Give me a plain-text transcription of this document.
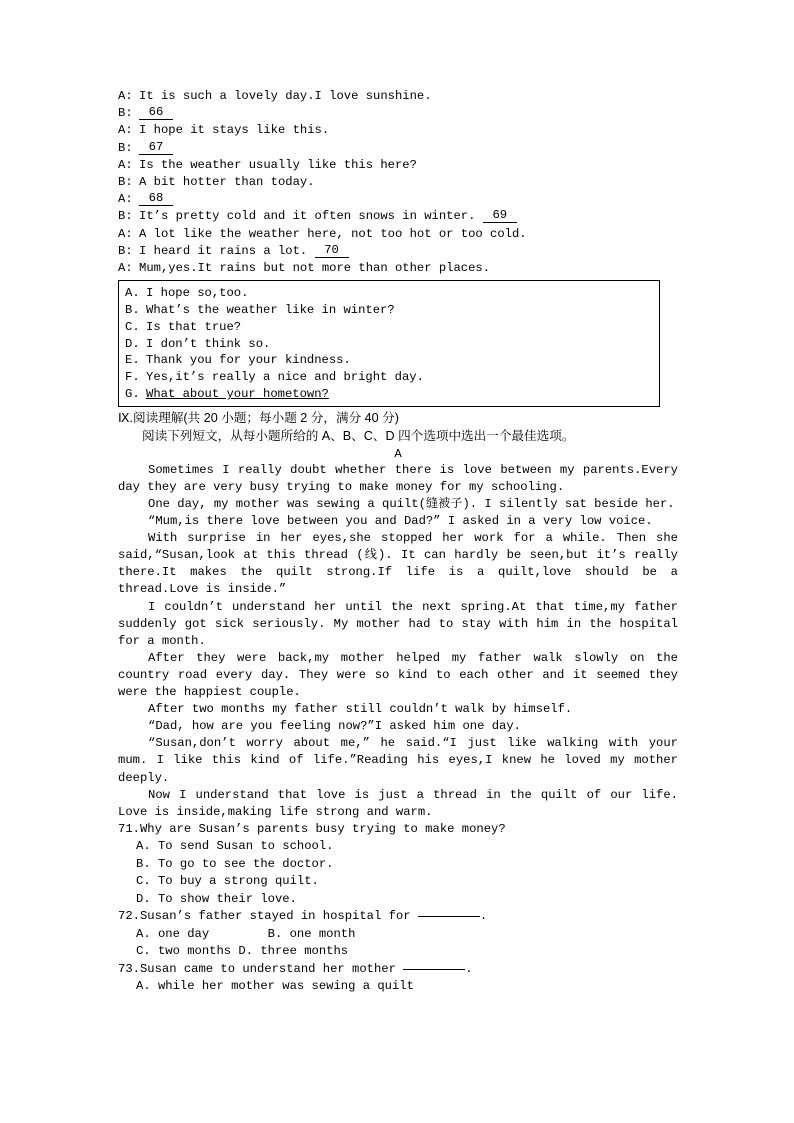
A: It is such a lovely day.I love sunshine.
B: 66
A: I hope it stays like this.
B: 67
A: Is the weather usually like this here?
B: A bit hotter than today.
A: 68
B: It’s pretty cold and it often snows in winter. 69
A: A lot like the weather here, not too hot or too cold.
B: I heard it rains a lot. 70
A: Mum,yes.It rains but not more than other places.
A. I hope so,too.
B. What’s the weather like in winter?
C. Is that true?
D. I don’t think so.
E. Thank you for your kindness.
F. Yes,it’s really a nice and bright day.
G. What about your hometown?
Ⅸ.阅读理解(共 20 小题；每小题 2 分，满分 40 分)
阅读下列短文，从每小题所给的 A、B、C、D 四个选项中选出一个最佳选项。
A

Sometimes I really doubt whether there is love between my parents.Every day they are very busy trying to make money for my schooling.

One day, my mother was sewing a quilt(缝被子). I silently sat beside her.

“Mum,is there love between you and Dad?” I asked in a very low voice.

With surprise in her eyes,she stopped her work for a while. Then she said,“Susan,look at this thread (线). It can hardly be seen,but it’s really there.It makes the quilt strong.If life is a quilt,love should be a thread.Love is inside.”

I couldn’t understand her until the next spring.At that time,my father suddenly got sick seriously. My mother had to stay with him in the hospital for a month.

After they were back,my mother helped my father walk slowly on the country road every day. They were so kind to each other and it seemed they were the happiest couple.

After two months my father still couldn’t walk by himself.

“Dad, how are you feeling now?”I asked him one day.

“Susan,don’t worry about me,” he said.“I just like walking with your mum. I like this kind of life.”Reading his eyes,I knew he loved my mother deeply.

Now I understand that love is just a thread in the quilt of our life. Love is inside,making life strong and warm.

71.Why are Susan’s parents busy trying to make money?

A. To send Susan to school.

B. To go to see the doctor.

C. To buy a strong quilt.

D. To show their love.

72.Susan’s father stayed in hospital for	.

A. one day        B. one month

C. two months D. three months

73.Susan came to understand her mother	.

A. while her mother was sewing a quilt
